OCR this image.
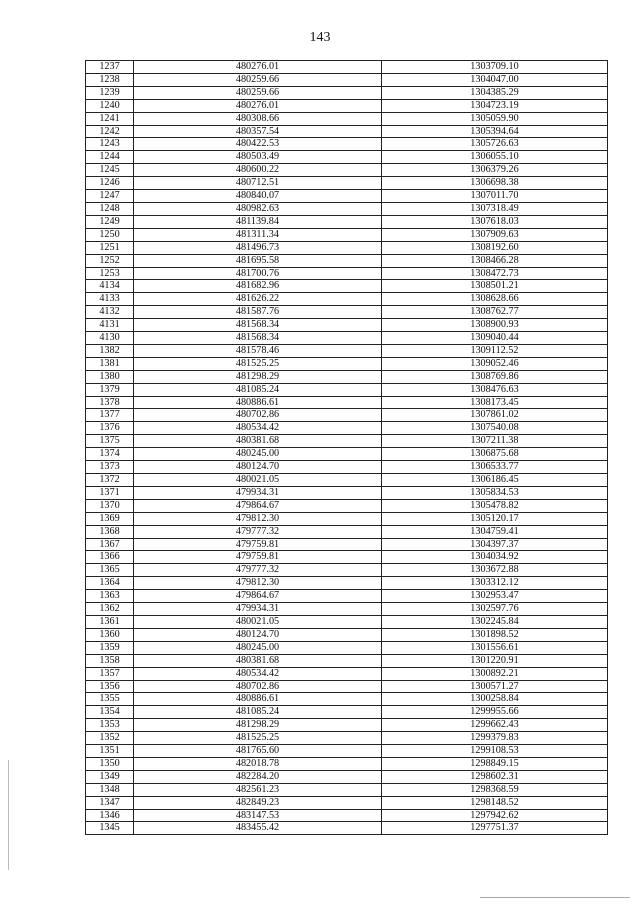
143
1237	480276.01	1303709.10
1238	480259.66	1304047.00
1239	480259.66	1304385.29
1240	480276.01	1304723.19
1241	480308.66	1305059.90
1242	480357.54	1305394.64
1243	480422.53	1305726.63
1244	480503.49	1306055.10
1245	480600.22	1306379.26
1246	480712.51	1306698.38
1247	480840.07	1307011.70
1248	480982.63	1307318.49
1249	481139.84	1307618.03
1250	481311.34	1307909.63
1251	481496.73	1308192.60
1252	481695.58	1308466.28
1253	481700.76	1308472.73
4134	481682.96	1308501.21
4133	481626.22	1308628.66
4132	481587.76	1308762.77
4131	481568.34	1308900.93
4130	481568.34	1309040.44
1382	481578.46	1309112.52
1381	481525.25	1309052.46
1380	481298.29	1308769.86
1379	481085.24	1308476.63
1378	480886.61	1308173.45
1377	480702.86	1307861.02
1376	480534.42	1307540.08
1375	480381.68	1307211.38
1374	480245.00	1306875.68
1373	480124.70	1306533.77
1372	480021.05	1306186.45
1371	479934.31	1305834.53
1370	479864.67	1305478.82
1369	479812.30	1305120.17
1368	479777.32	1304759.41
1367	479759.81	1304397.37
1366	479759.81	1304034.92
1365	479777.32	1303672.88
1364	479812.30	1303312.12
1363	479864.67	1302953.47
1362	479934.31	1302597.76
1361	480021.05	1302245.84
1360	480124.70	1301898.52
1359	480245.00	1301556.61
1358	480381.68	1301220.91
1357	480534.42	1300892.21
1356	480702.86	1300571.27
1355	480886.61	1300258.84
1354	481085.24	1299955.66
1353	481298.29	1299662.43
1352	481525.25	1299379.83
1351	481765.60	1299108.53
1350	482018.78	1298849.15
1349	482284.20	1298602.31
1348	482561.23	1298368.59
1347	482849.23	1298148.52
1346	483147.53	1297942.62
1345	483455.42	1297751.37
